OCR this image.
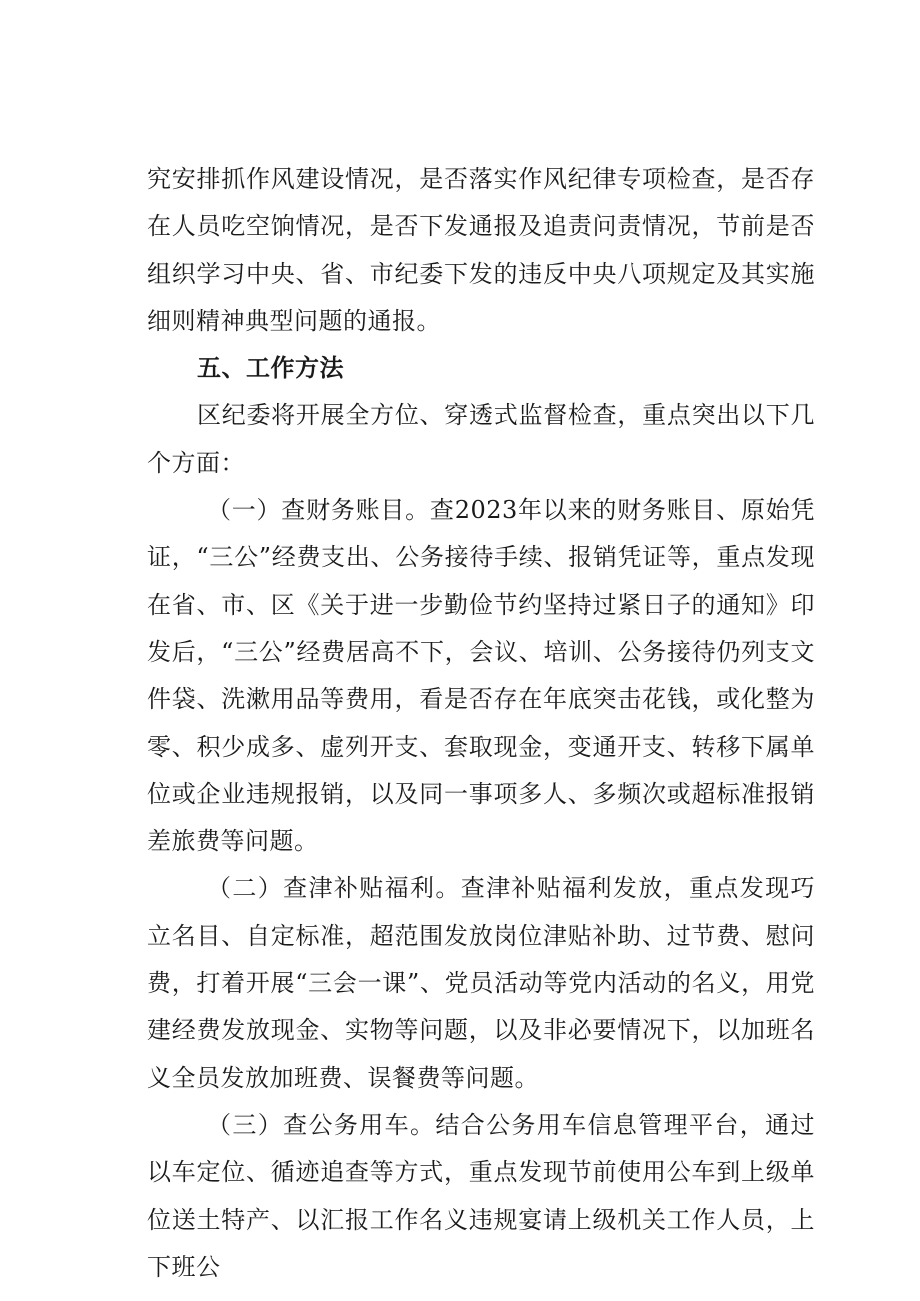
究安排抓作风建设情况，是否落实作风纪律专项检查，是否存在人员吃空饷情况，是否下发通报及追责问责情况，节前是否组织学习中央、省、市纪委下发的违反中央八项规定及其实施细则精神典型问题的通报。

五、工作方法

区纪委将开展全方位、穿透式监督检查，重点突出以下几个方面：

（一）查财务账目。查2023年以来的财务账目、原始凭证，“三公”经费支出、公务接待手续、报销凭证等，重点发现在省、市、区《关于进一步勤俭节约坚持过紧日子的通知》印发后，“三公”经费居高不下，会议、培训、公务接待仍列支文件袋、洗漱用品等费用，看是否存在年底突击花钱，或化整为零、积少成多、虚列开支、套取现金，变通开支、转移下属单位或企业违规报销，以及同一事项多人、多频次或超标准报销差旅费等问题。

（二）查津补贴福利。查津补贴福利发放，重点发现巧立名目、自定标准，超范围发放岗位津贴补助、过节费、慰问费，打着开展“三会一课”、党员活动等党内活动的名义，用党建经费发放现金、实物等问题，以及非必要情况下，以加班名义全员发放加班费、误餐费等问题。

（三）查公务用车。结合公务用车信息管理平台，通过以车定位、循迹追查等方式，重点发现节前使用公车到上级单位送土特产、以汇报工作名义违规宴请上级机关工作人员，上下班公
